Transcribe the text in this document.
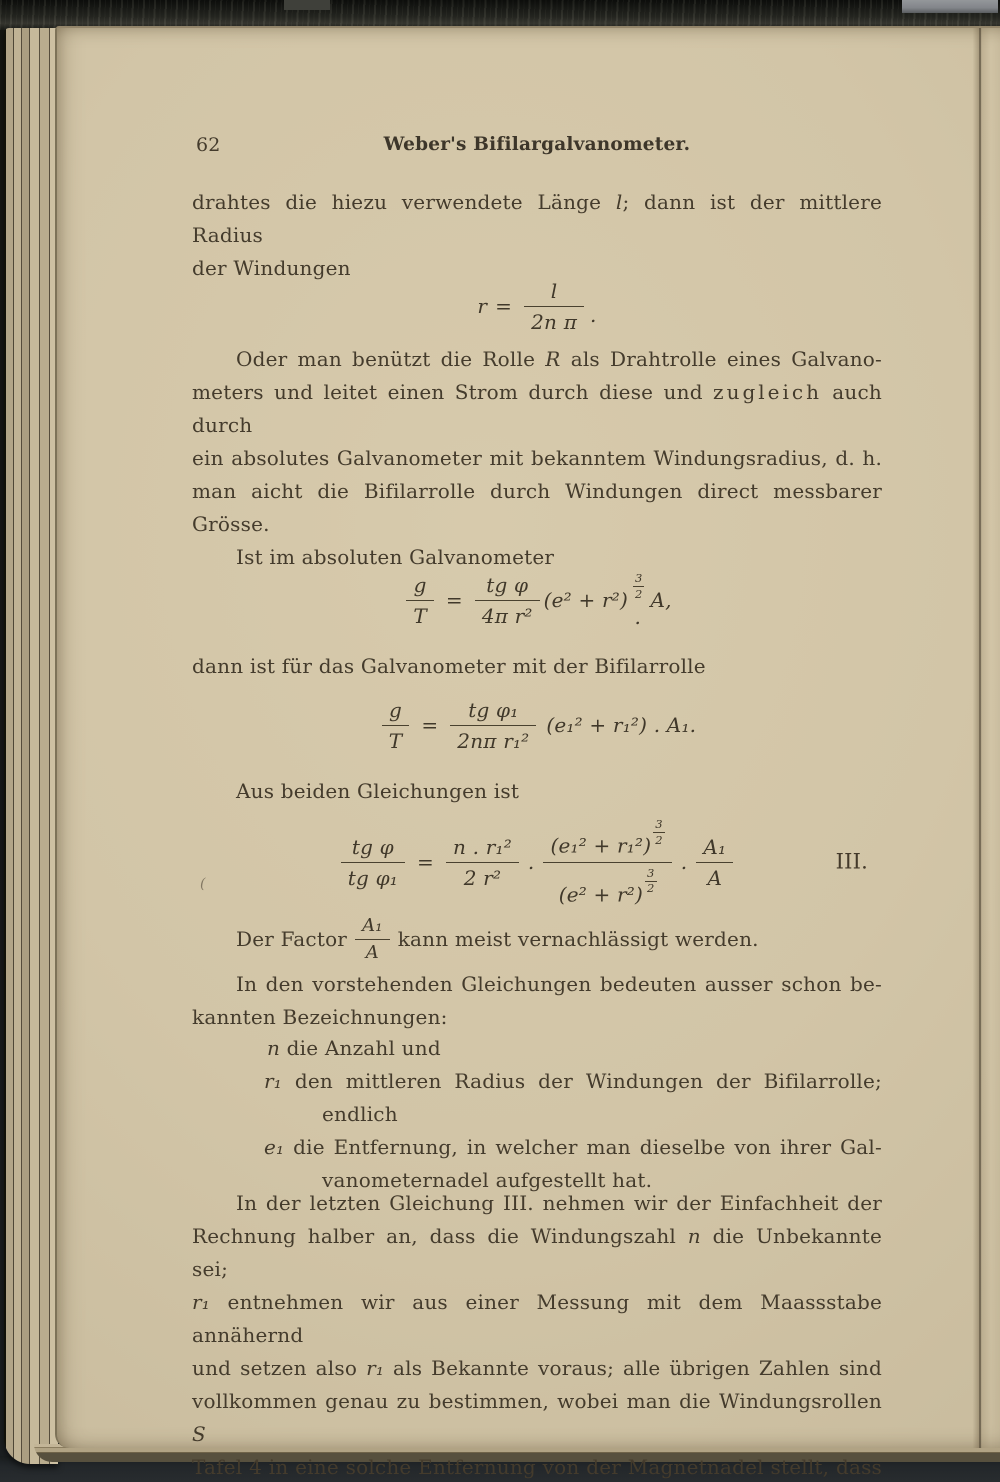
62	Weber's Bifilargalvanometer.
drahtes die hiezu verwendete Länge l; dann ist der mittlere Radius
der Windungen
$r = \frac{l}{\text{2n π}}$ .
Oder man benützt die Rolle R als Drahtrolle eines Galvano-
meters und leitet einen Strom durch diese und zugleich auch durch
ein absolutes Galvanometer mit bekanntem Windungsradius, d. h.
man aicht die Bifilarrolle durch Windungen direct messbarer Grösse.
Ist im absoluten Galvanometer
$\frac{g}{T} = \frac{\text{tg φ}}{\text{4π r²}} (e^2 + r^2)$
3
2
.
A,
dann ist für das Galvanometer mit der Bifilarrolle
$\frac{g}{T} = \frac{\text{tg φ₁}}{\text{2nπ r₁²}} (e_1^2 + r_1^2)$ . A₁.
Aus beiden Gleichungen ist
(	$\frac{\text{tg φ}}{\text{tg φ₁}} = \frac{\text{n . r₁²}}{\text{2 r²}}$ . $\frac{(e_1^2 + r_1^2) \frac{3}{2}}{(e^2 + r^2) \frac{3}{2}}$ . $\frac{\text{A₁}}{A}$	III.
Der Factor $\frac{\text{A₁}}{A}$ kann meist vernachlässigt werden.
In den vorstehenden Gleichungen bedeuten ausser schon be-
kannten Bezeichnungen:
n die Anzahl und
r₁ den mittleren Radius der Windungen der Bifilarrolle;
endlich
e₁ die Entfernung, in welcher man dieselbe von ihrer Gal-
vanometernadel aufgestellt hat.
In der letzten Gleichung III. nehmen wir der Einfachheit der
Rechnung halber an, dass die Windungszahl n die Unbekannte sei;
r₁ entnehmen wir aus einer Messung mit dem Maassstabe annähernd
und setzen also r₁ als Bekannte voraus; alle übrigen Zahlen sind
vollkommen genau zu bestimmen, wobei man die Windungsrollen S
Tafel 4 in eine solche Entfernung von der Magnetnadel stellt, dass
